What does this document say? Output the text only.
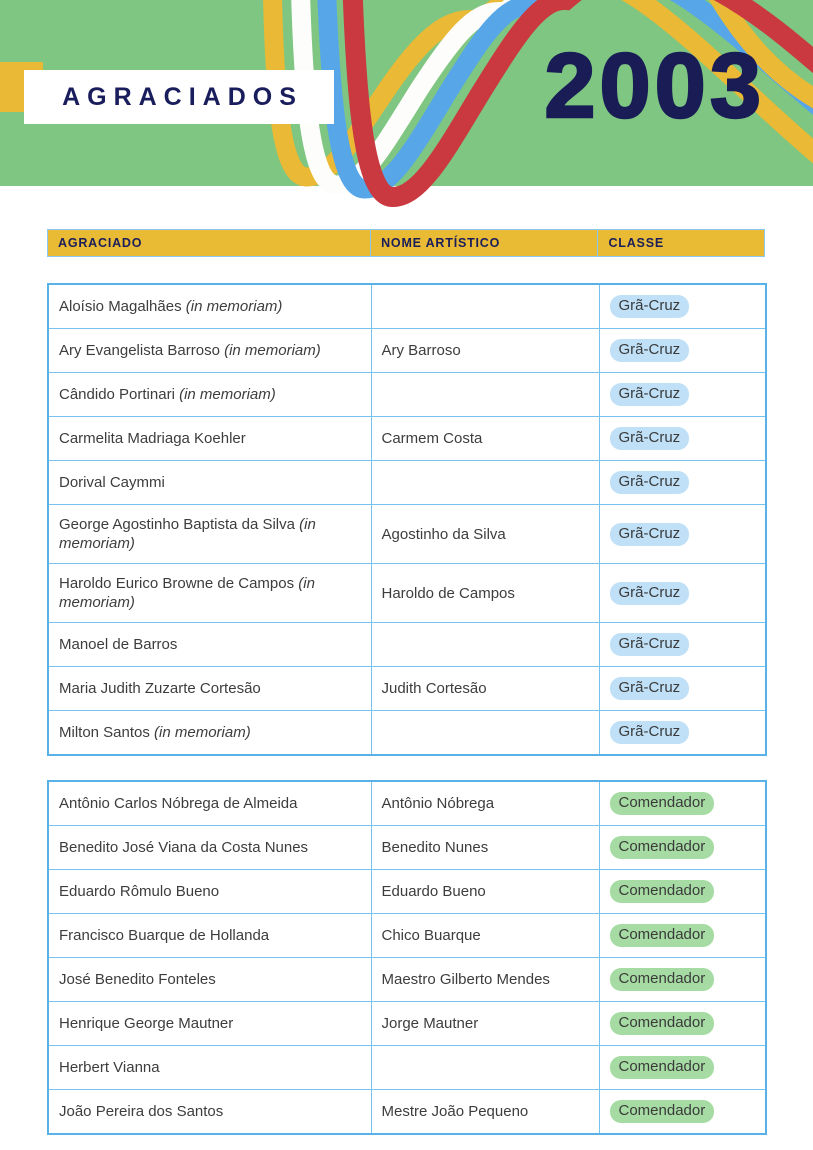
AGRACIADOS	2003
AGRACIADO	NOME ARTÍSTICO	CLASSE
Aloísio Magalhães (in memoriam)		Grã-Cruz
Ary Evangelista Barroso (in memoriam)	Ary Barroso	Grã-Cruz
Cândido Portinari (in memoriam)		Grã-Cruz
Carmelita Madriaga Koehler	Carmem Costa	Grã-Cruz
Dorival Caymmi		Grã-Cruz
George Agostinho Baptista da Silva (in memoriam)	Agostinho da Silva	Grã-Cruz
Haroldo Eurico Browne de Campos (in memoriam)	Haroldo de Campos	Grã-Cruz
Manoel de Barros		Grã-Cruz
Maria Judith Zuzarte Cortesão	Judith Cortesão	Grã-Cruz
Milton Santos (in memoriam)		Grã-Cruz
Antônio Carlos Nóbrega de Almeida	Antônio Nóbrega	Comendador
Benedito José Viana da Costa Nunes	Benedito Nunes	Comendador
Eduardo Rômulo Bueno	Eduardo Bueno	Comendador
Francisco Buarque de Hollanda	Chico Buarque	Comendador
José Benedito Fonteles	Maestro Gilberto Mendes	Comendador
Henrique George Mautner	Jorge Mautner	Comendador
Herbert Vianna		Comendador
João Pereira dos Santos	Mestre João Pequeno	Comendador
